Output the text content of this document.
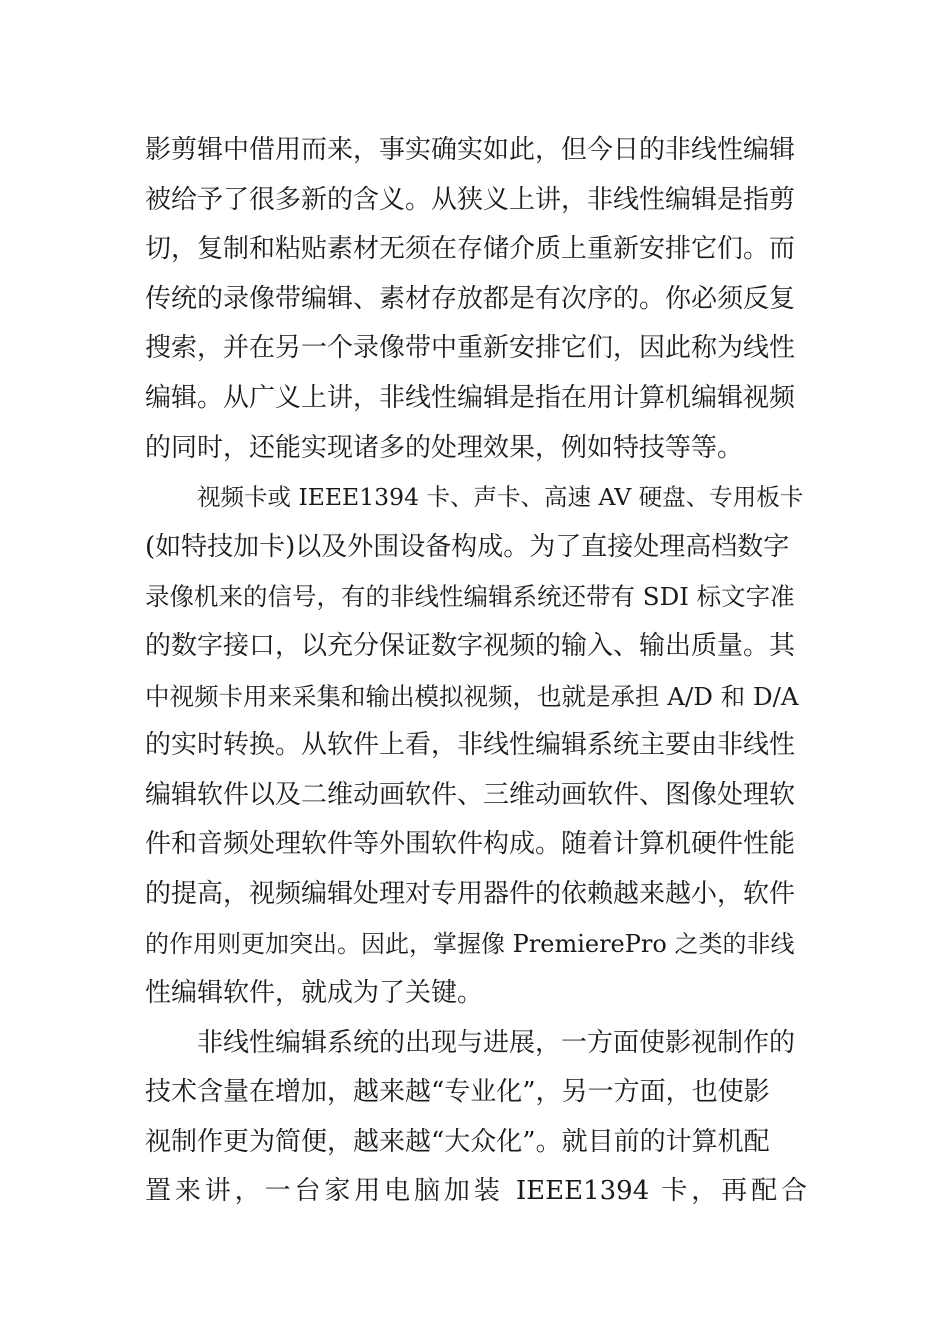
影剪辑中借用而来，事实确实如此，但今日的非线性编辑
被给予了很多新的含义。从狭义上讲，非线性编辑是指剪
切，复制和粘贴素材无须在存储介质上重新安排它们。而
传统的录像带编辑、素材存放都是有次序的。你必须反复
搜索，并在另一个录像带中重新安排它们，因此称为线性
编辑。从广义上讲，非线性编辑是指在用计算机编辑视频
的同时，还能实现诸多的处理效果，例如特技等等。
视频卡或 IEEE1394 卡、声卡、高速 AV 硬盘、专用板卡
(如特技加卡)以及外围设备构成。为了直接处理高档数字
录像机来的信号，有的非线性编辑系统还带有 SDI 标文字准
的数字接口，以充分保证数字视频的输入、输出质量。其
中视频卡用来采集和输出模拟视频，也就是承担 A/D 和 D/A
的实时转换。从软件上看，非线性编辑系统主要由非线性
编辑软件以及二维动画软件、三维动画软件、图像处理软
件和音频处理软件等外围软件构成。随着计算机硬件性能
的提高，视频编辑处理对专用器件的依赖越来越小，软件
的作用则更加突出。因此，掌握像 PremierePro 之类的非线
性编辑软件，就成为了关键。
非线性编辑系统的出现与进展，一方面使影视制作的
技术含量在增加，越来越“专业化”，另一方面，也使影
视制作更为简便，越来越“大众化”。就目前的计算机配
置来讲，一台家用电脑加装 IEEE1394 卡，再配合
